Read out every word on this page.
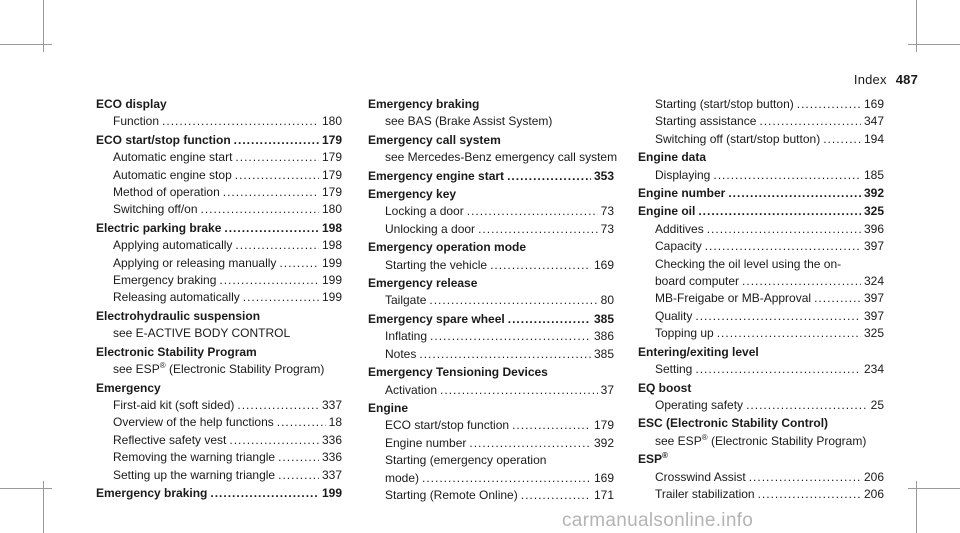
Index 487
ECO display
Function .....	180
ECO start/stop function .....	179
Automatic engine start .....	179
Automatic engine stop .....	179
Method of operation .....	179
Switching off/on .....	180
Electric parking brake .....	198
Applying automatically .....	198
Applying or releasing manually .....	199
Emergency braking .....	199
Releasing automatically .....	199
Electrohydraulic suspension
see E-ACTIVE BODY CONTROL
Electronic Stability Program
see ESP® (Electronic Stability Program)
Emergency
First-aid kit (soft sided) .....	337
Overview of the help functions .....	18
Reflective safety vest .....	336
Removing the warning triangle .....	336
Setting up the warning triangle .....	337
Emergency braking .....	199
Emergency braking
see BAS (Brake Assist System)
Emergency call system
see Mercedes-Benz emergency call system
Emergency engine start .....	353
Emergency key
Locking a door .....	73
Unlocking a door .....	73
Emergency operation mode
Starting the vehicle .....	169
Emergency release
Tailgate .....	80
Emergency spare wheel .....	385
Inflating .....	386
Notes .....	385
Emergency Tensioning Devices
Activation .....	37
Engine
ECO start/stop function .....	179
Engine number .....	392
Starting (emergency operation
mode) .....	169
Starting (Remote Online) .....	171
Starting (start/stop button) .....	169
Starting assistance .....	347
Switching off (start/stop button) .....	194
Engine data
Displaying .....	185
Engine number .....	392
Engine oil .....	325
Additives .....	396
Capacity .....	397
Checking the oil level using the on-
board computer .....	324
MB-Freigabe or MB-Approval .....	397
Quality .....	397
Topping up .....	325
Entering/exiting level
Setting .....	234
EQ boost
Operating safety .....	25
ESC (Electronic Stability Control)
see ESP® (Electronic Stability Program)
ESP®
Crosswind Assist .....	206
Trailer stabilization .....	206
carmanualsonline.info
